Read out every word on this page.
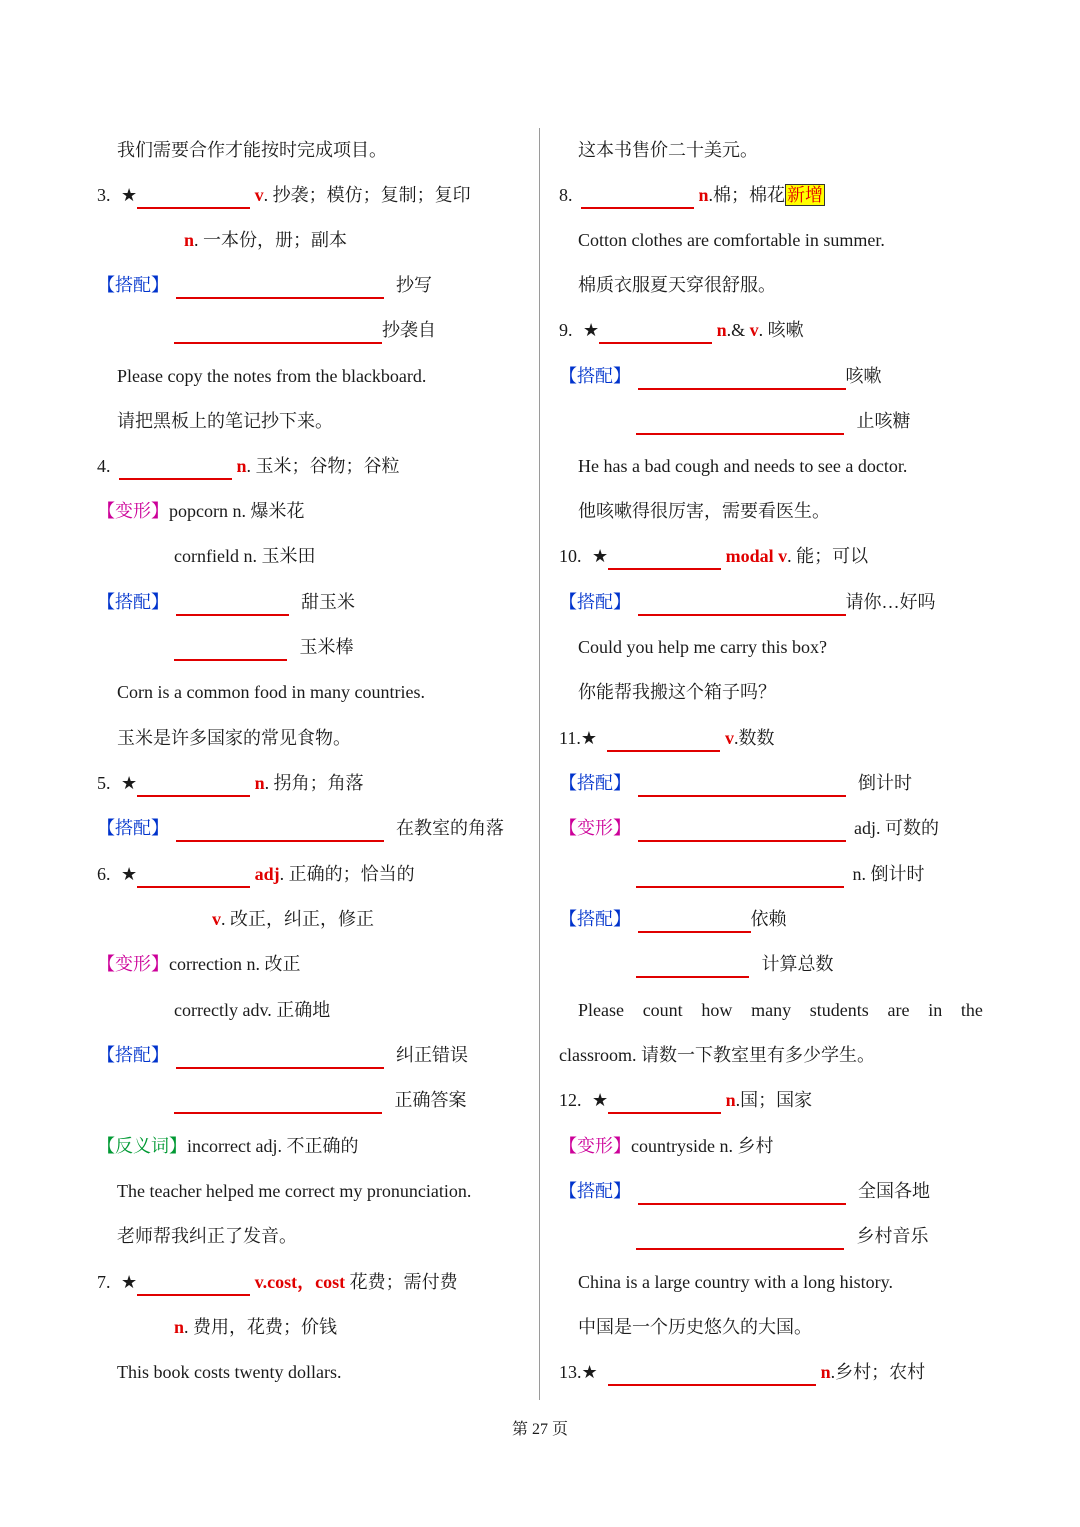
我们需要合作才能按时完成项目。
3. ★	v. 抄袭；模仿；复制；复印
n. 一本份，册；副本
【搭配】	抄写
抄袭自
Please copy the notes from the blackboard.
请把黑板上的笔记抄下来。
4.	n. 玉米；谷物；谷粒
【变形】popcorn n. 爆米花
cornfield n. 玉米田
【搭配】	甜玉米
玉米棒
Corn is a common food in many countries.
玉米是许多国家的常见食物。
5. ★	n. 拐角；角落
【搭配】	在教室的角落
6. ★	adj. 正确的；恰当的
v. 改正，纠正，修正
【变形】correction n. 改正
correctly adv. 正确地
【搭配】	纠正错误
正确答案
【反义词】incorrect adj. 不正确的
The teacher helped me correct my pronunciation.
老师帮我纠正了发音。
7. ★	v.cost，cost 花费；需付费
n. 费用，花费；价钱
This book costs twenty dollars.
这本书售价二十美元。
8.	n.棉；棉花 新增
Cotton clothes are comfortable in summer.
棉质衣服夏天穿很舒服。
9. ★	n.& v. 咳嗽
【搭配】	咳嗽
止咳糖
He has a bad cough and needs to see a doctor.
他咳嗽得很厉害，需要看医生。
10. ★	modal v. 能；可以
【搭配】	请你…好吗
Could you help me carry this box?
你能帮我搬这个箱子吗？
11.★	v.数数
【搭配】	倒计时
【变形】	adj. 可数的
n. 倒计时
【搭配】	依赖
计算总数
Please count how many students are in the
classroom. 请数一下教室里有多少学生。
12. ★	n.国；国家
【变形】countryside n. 乡村
【搭配】	全国各地
乡村音乐
China is a large country with a long history.
中国是一个历史悠久的大国。
13.★	n.乡村；农村
第 27 页
